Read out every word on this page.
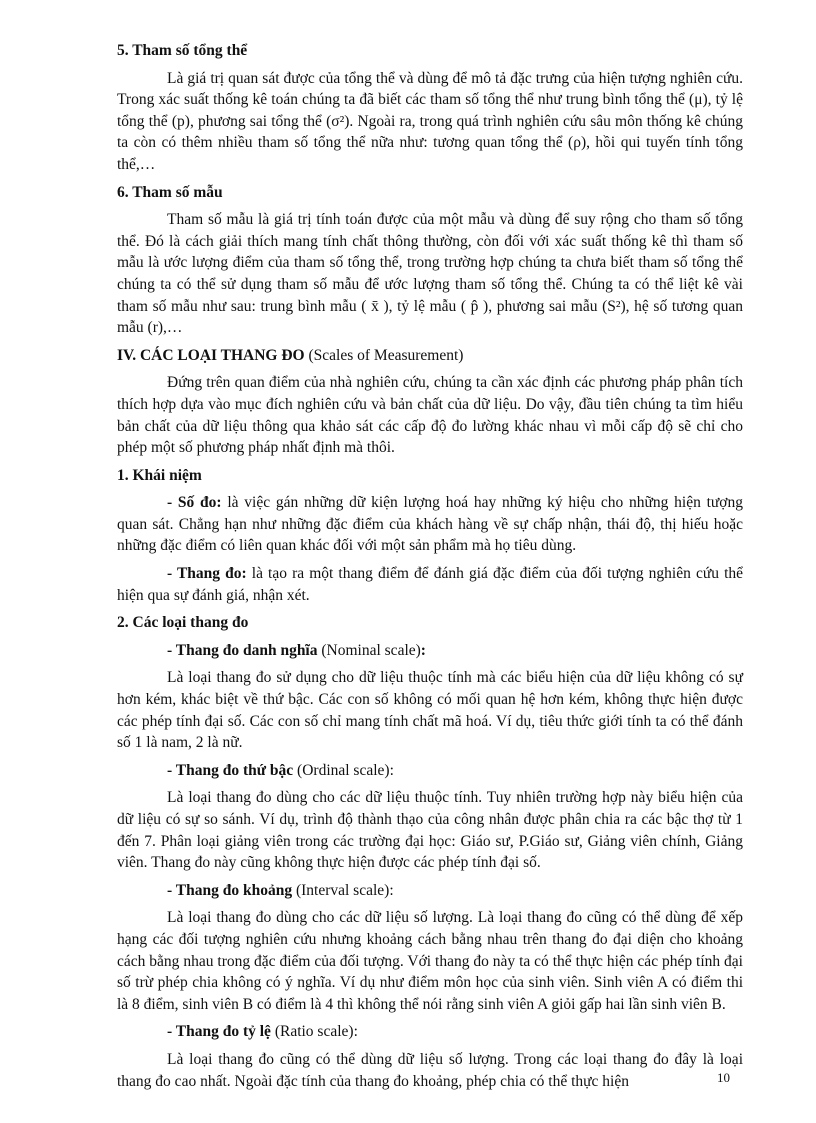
5. Tham số tổng thể
Là giá trị quan sát được của tổng thể và dùng để mô tả đặc trưng của hiện tượng nghiên cứu. Trong xác suất thống kê toán chúng ta đã biết các tham số tổng thể như trung bình tổng thể (μ), tỷ lệ tổng thể (p), phương sai tổng thể (σ²). Ngoài ra, trong quá trình nghiên cứu sâu môn thống kê chúng ta còn có thêm nhiều tham số tổng thể nữa như: tương quan tổng thể (ρ), hồi qui tuyến tính tổng thể,…
6. Tham số mẫu
Tham số mẫu là giá trị tính toán được của một mẫu và dùng để suy rộng cho tham số tổng thể. Đó là cách giải thích mang tính chất thông thường, còn đối với xác suất thống kê thì tham số mẫu là ước lượng điểm của tham số tổng thể, trong trường hợp chúng ta chưa biết tham số tổng thể chúng ta có thể sử dụng tham số mẫu để ước lượng tham số tổng thể. Chúng ta có thể liệt kê vài tham số mẫu như sau: trung bình mẫu ( x̄ ), tỷ lệ mẫu ( p̂ ), phương sai mẫu (S²), hệ số tương quan mẫu (r),…
IV. CÁC LOẠI THANG ĐO (Scales of Measurement)
Đứng trên quan điểm của nhà nghiên cứu, chúng ta cần xác định các phương pháp phân tích thích hợp dựa vào mục đích nghiên cứu và bản chất của dữ liệu. Do vậy, đầu tiên chúng ta tìm hiểu bản chất của dữ liệu thông qua khảo sát các cấp độ đo lường khác nhau vì mỗi cấp độ sẽ chỉ cho phép một số phương pháp nhất định mà thôi.
1. Khái niệm
- Số đo: là việc gán những dữ kiện lượng hoá hay những ký hiệu cho những hiện tượng quan sát. Chẳng hạn như những đặc điểm của khách hàng về sự chấp nhận, thái độ, thị hiếu hoặc những đặc điểm có liên quan khác đối với một sản phẩm mà họ tiêu dùng.
- Thang đo: là tạo ra một thang điểm để đánh giá đặc điểm của đối tượng nghiên cứu thể hiện qua sự đánh giá, nhận xét.
2. Các loại thang đo
- Thang đo danh nghĩa (Nominal scale):
Là loại thang đo sử dụng cho dữ liệu thuộc tính mà các biểu hiện của dữ liệu không có sự hơn kém, khác biệt về thứ bậc. Các con số không có mối quan hệ hơn kém, không thực hiện được các phép tính đại số. Các con số chỉ mang tính chất mã hoá. Ví dụ, tiêu thức giới tính ta có thể đánh số 1 là nam, 2 là nữ.
- Thang đo thứ bậc (Ordinal scale):
Là loại thang đo dùng cho các dữ liệu thuộc tính. Tuy nhiên trường hợp này biểu hiện của dữ liệu có sự so sánh. Ví dụ, trình độ thành thạo của công nhân được phân chia ra các bậc thợ từ 1 đến 7. Phân loại giảng viên trong các trường đại học: Giáo sư, P.Giáo sư, Giảng viên chính, Giảng viên. Thang đo này cũng không thực hiện được các phép tính đại số.
- Thang đo khoảng (Interval scale):
Là loại thang đo dùng cho các dữ liệu số lượng. Là loại thang đo cũng có thể dùng để xếp hạng các đối tượng nghiên cứu nhưng khoảng cách bằng nhau trên thang đo đại diện cho khoảng cách bằng nhau trong đặc điểm của đối tượng. Với thang đo này ta có thể thực hiện các phép tính đại số trừ phép chia không có ý nghĩa. Ví dụ như điểm môn học của sinh viên. Sinh viên A có điểm thi là 8 điểm, sinh viên B có điểm là 4 thì không thể nói rằng sinh viên A giỏi gấp hai lần sinh viên B.
- Thang đo tỷ lệ (Ratio scale):
Là loại thang đo cũng có thể dùng dữ liệu số lượng. Trong các loại thang đo đây là loại thang đo cao nhất. Ngoài đặc tính của thang đo khoảng, phép chia có thể thực hiện	10
